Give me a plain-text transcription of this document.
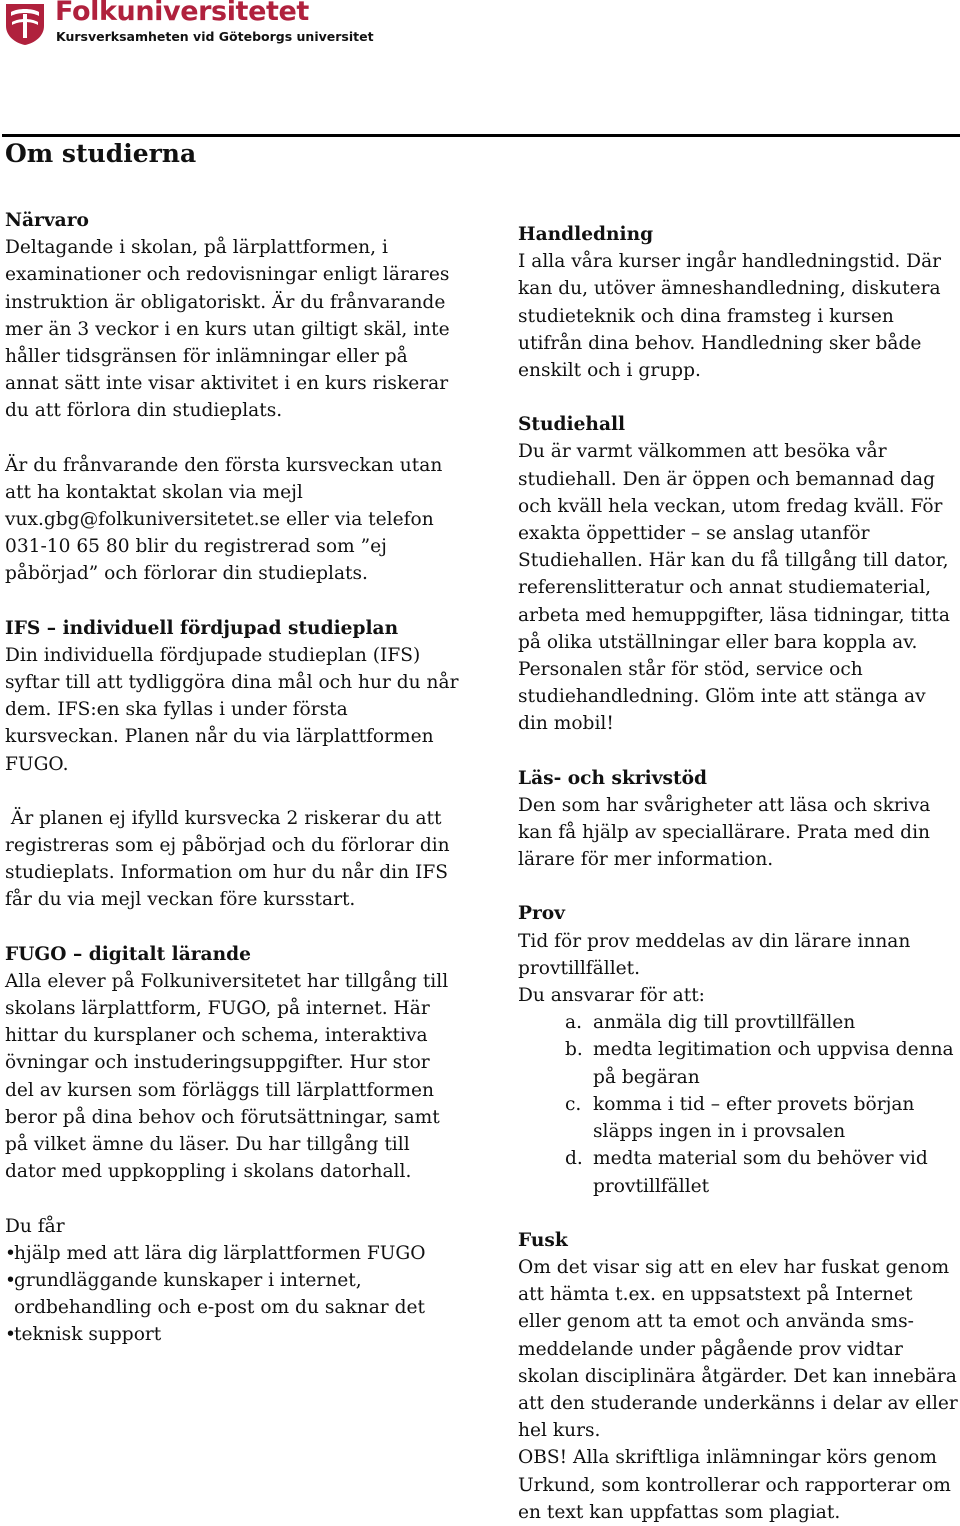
Folkuniversitetet
Kursverksamheten vid Göteborgs universitet
Om studierna
Närvaro

Deltagande i skolan, på lärplattformen, i examinationer och redovisningar enligt lärares instruktion är obligatoriskt. Är du frånvarande mer än 3 veckor i en kurs utan giltigt skäl, inte håller tidsgränsen för inlämningar eller på annat sätt inte visar aktivitet i en kurs riskerar du att förlora din studieplats.

Är du frånvarande den första kursveckan utan att ha kontaktat skolan via mejl vux.gbg@folkuniversitetet.se eller via telefon 031-10 65 80 blir du registrerad som ”ej påbörjad” och förlorar din studieplats.

IFS – individuell fördjupad studieplan

Din individuella fördjupade studieplan (IFS) syftar till att tydliggöra dina mål och hur du når dem. IFS:en ska fyllas i under första kursveckan. Planen når du via lärplattformen FUGO.

Är planen ej ifylld kursvecka 2 riskerar du att registreras som ej påbörjad och du förlorar din studieplats. Information om hur du når din IFS får du via mejl veckan före kursstart.

FUGO – digitalt lärande

Alla elever på Folkuniversitetet har tillgång till skolans lärplattform, FUGO, på internet. Här hittar du kursplaner och schema, interaktiva övningar och instuderingsuppgifter. Hur stor del av kursen som förläggs till lärplattformen beror på dina behov och förutsättningar, samt på vilket ämne du läser. Du har tillgång till dator med uppkoppling i skolans datorhall.

Du får

•
hjälp med att lära dig lärplattformen FUGO
•
grundläggande kunskaper i internet, ordbehandling och e-post om du saknar det
•
teknisk support
Handledning

I alla våra kurser ingår handledningstid. Där kan du, utöver ämneshandledning, diskutera studieteknik och dina framsteg i kursen utifrån dina behov. Handledning sker både enskilt och i grupp.

Studiehall

Du är varmt välkommen att besöka vår studiehall. Den är öppen och bemannad dag och kväll hela veckan, utom fredag kväll. För exakta öppettider – se anslag utanför Studiehallen. Här kan du få tillgång till dator, referenslitteratur och annat studiematerial, arbeta med hemuppgifter, läsa tidningar, titta på olika utställningar eller bara koppla av. Personalen står för stöd, service och studiehandledning. Glöm inte att stänga av din mobil!

Läs- och skrivstöd

Den som har svårigheter att läsa och skriva kan få hjälp av speciallärare. Prata med din lärare för mer information.

Prov

Tid för prov meddelas av din lärare innan provtillfället.

Du ansvarar för att:

a. anmäla dig till provtillfällen
b. medta legitimation och uppvisa denna på begäran
c. komma i tid – efter provets början släpps ingen in i provsalen
d. medta material som du behöver vid provtillfället
Fusk

Om det visar sig att en elev har fuskat genom att hämta t.ex. en uppsatstext på Internet eller genom att ta emot och använda sms-meddelande under pågående prov vidtar skolan disciplinära åtgärder. Det kan innebära att den studerande underkänns i delar av eller hel kurs.

OBS! Alla skriftliga inlämningar körs genom Urkund, som kontrollerar och rapporterar om en text kan uppfattas som plagiat.
